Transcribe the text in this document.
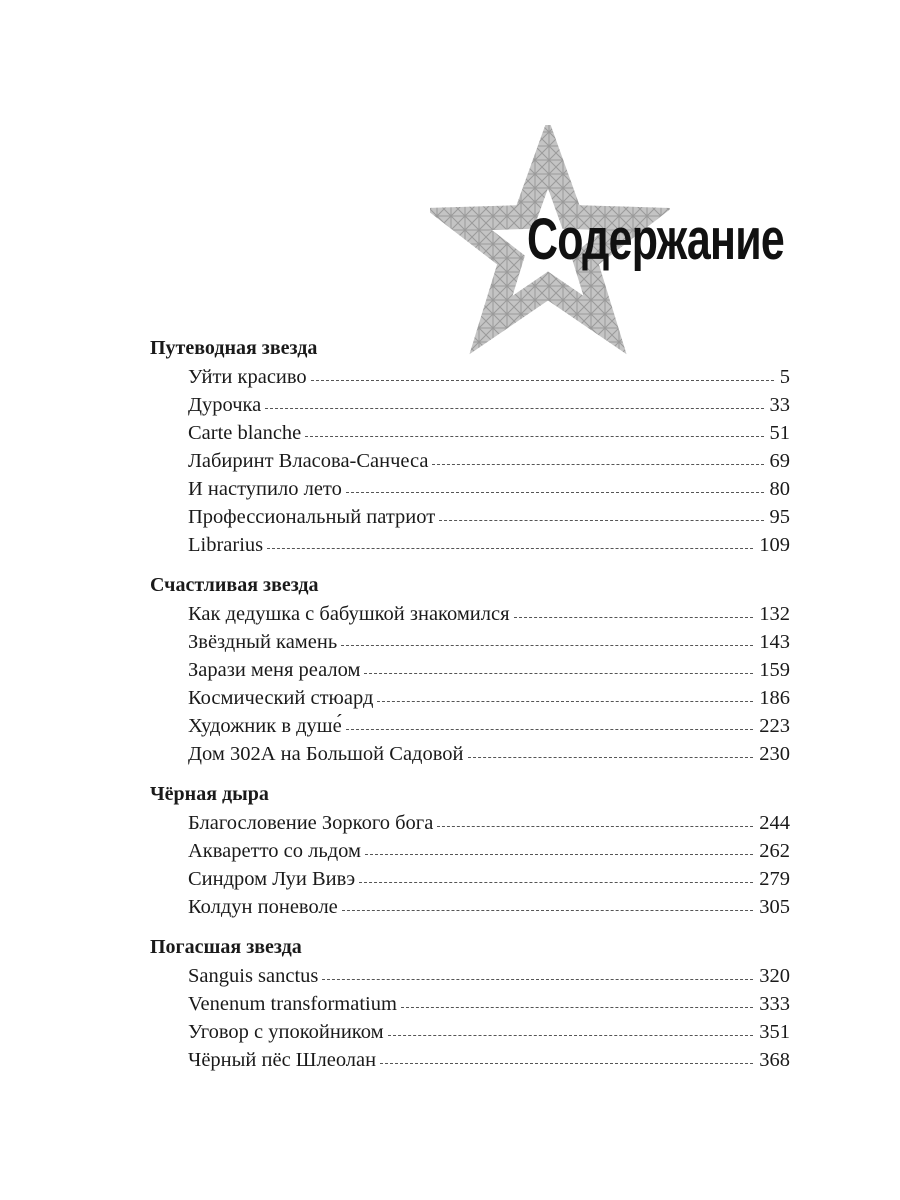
Содержание
Путеводная звезда
Уйти красиво	5
Дурочка	33
Carte blanche	51
Лабиринт Власова-Санчеса	69
И наступило лето	80
Профессиональный патриот	95
Librarius	109
Счастливая звезда
Как дедушка с бабушкой знакомился	132
Звёздный камень	143
Зарази меня реалом	159
Космический стюард	186
Художник в душе́	223
Дом 302А на Большой Садовой	230
Чёрная дыра
Благословение Зоркого бога	244
Акваретто со льдом	262
Синдром Луи Вивэ	279
Колдун поневоле	305
Погасшая звезда
Sanguis sanctus	320
Venenum transformatium	333
Уговор с упокойником	351
Чёрный пёс Шлеолан	368
